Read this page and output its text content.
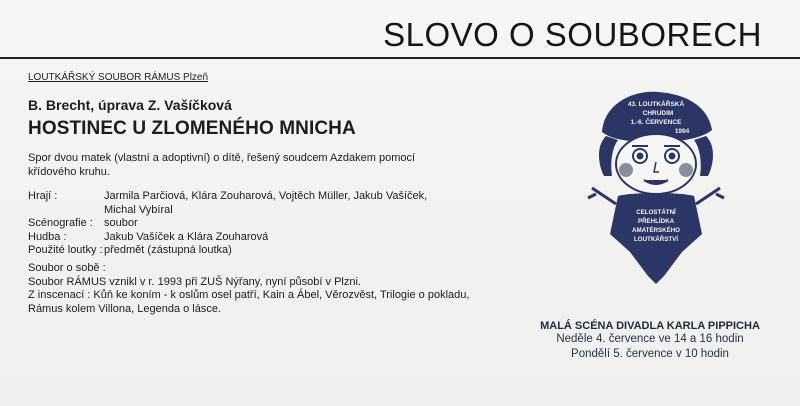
SLOVO O SOUBORECH
LOUTKÁŘSKÝ SOUBOR RÁMUS Plzeň
B. Brecht, úprava Z. Vašíčková
HOSTINEC U ZLOMENÉHO MNICHA
Spor dvou matek (vlastní a adoptivní) o dítě, řešený soudcem Azdakem pomocí křídového kruhu.
Hrají :	Jarmila Parčiová, Klára Zouharová, Vojtěch Müller, Jakub Vašíček, Michal Vybíral
Scénografie :	soubor
Hudba :	Jakub Vašíček a Klára Zouharová
Použité loutky : předmět (zástupná loutka)
Soubor o sobě :
Soubor RÁMUS vznikl v r. 1993 při ZUŠ Nýřany, nyní působí v Plzni.
Z inscenací : Kůň ke koním - k oslům osel patří, Kain a Ábel, Věrozvěst, Trilogie o pokladu, Rámus kolem Villona, Legenda o lásce.
43. LOUTKÁŘSKÁ
CHRUDIM
1.-6. ČERVENCE
1994
CELOSTÁTNÍ
PŘEHLÍDKA
AMATÉRSKÉHO
LOUTKÁŘSTVÍ
MALÁ SCÉNA DIVADLA KARLA PIPPICHA
Neděle 4. července ve 14 a 16 hodin
Pondělí 5. července v 10 hodin
